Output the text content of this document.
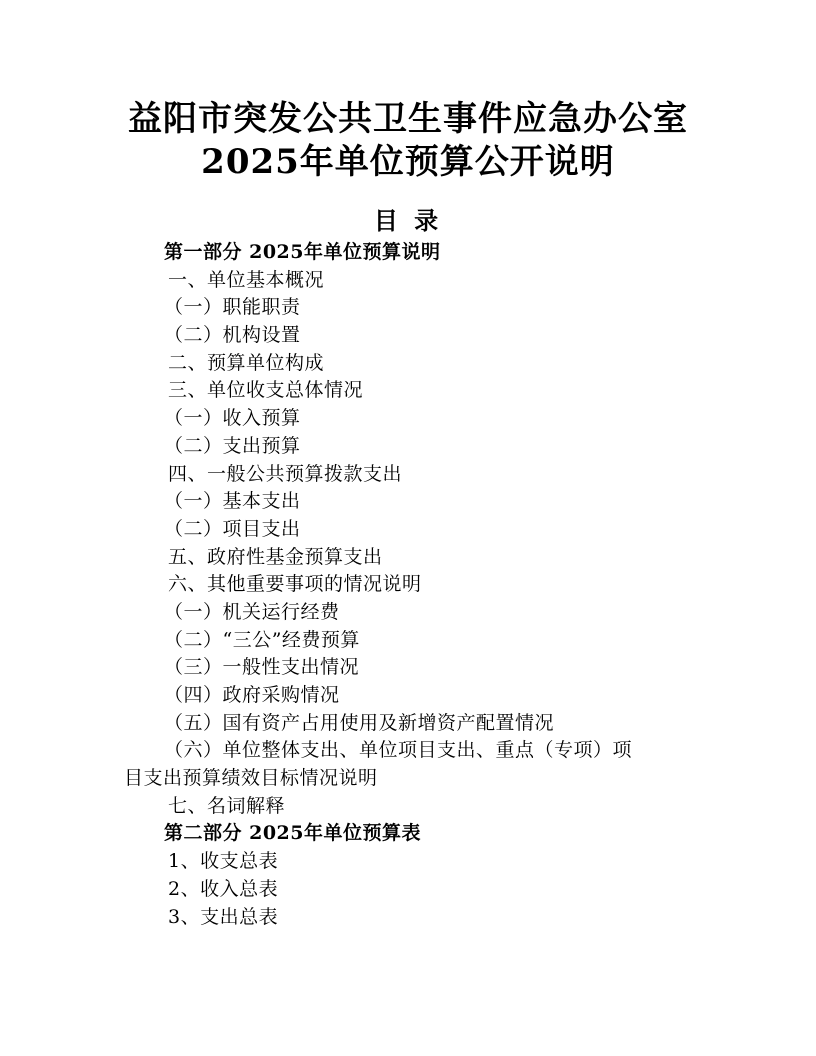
益阳市突发公共卫生事件应急办公室
2025年单位预算公开说明
目 录
第一部分 2025年单位预算说明
一、单位基本概况
（一）职能职责
（二）机构设置
二、预算单位构成
三、单位收支总体情况
（一）收入预算
（二）支出预算
四、一般公共预算拨款支出
（一）基本支出
（二）项目支出
五、政府性基金预算支出
六、其他重要事项的情况说明
（一）机关运行经费
（二）“三公”经费预算
（三）一般性支出情况
（四）政府采购情况
（五）国有资产占用使用及新增资产配置情况
（六）单位整体支出、单位项目支出、重点（专项）项
目支出预算绩效目标情况说明
七、名词解释
第二部分 2025年单位预算表
1、收支总表
2、收入总表
3、支出总表
